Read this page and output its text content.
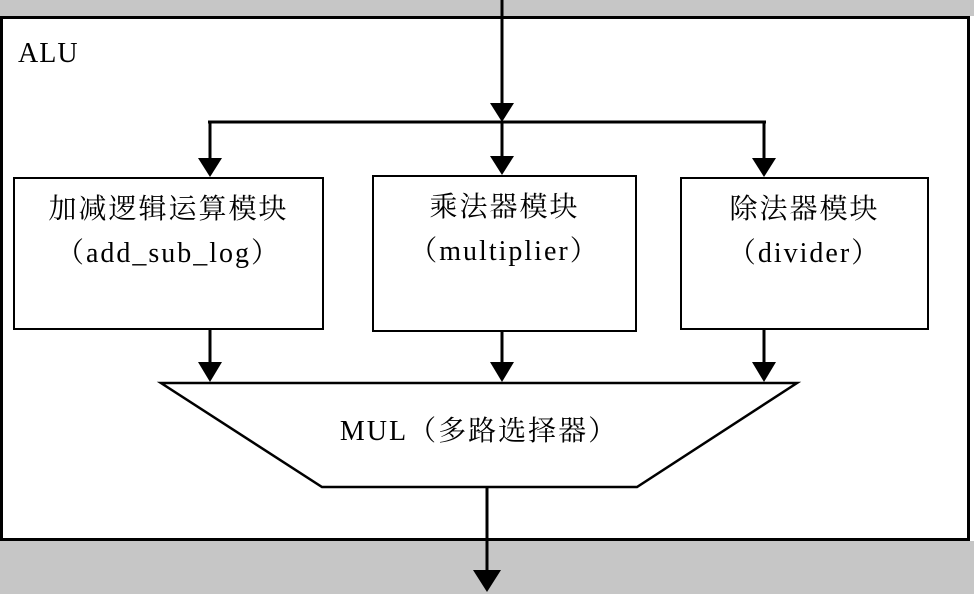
ALU
加减逻辑运算模块
（add_sub_log）
乘法器模块
（multiplier）
除法器模块
（divider）
MUL（多路选择器）
